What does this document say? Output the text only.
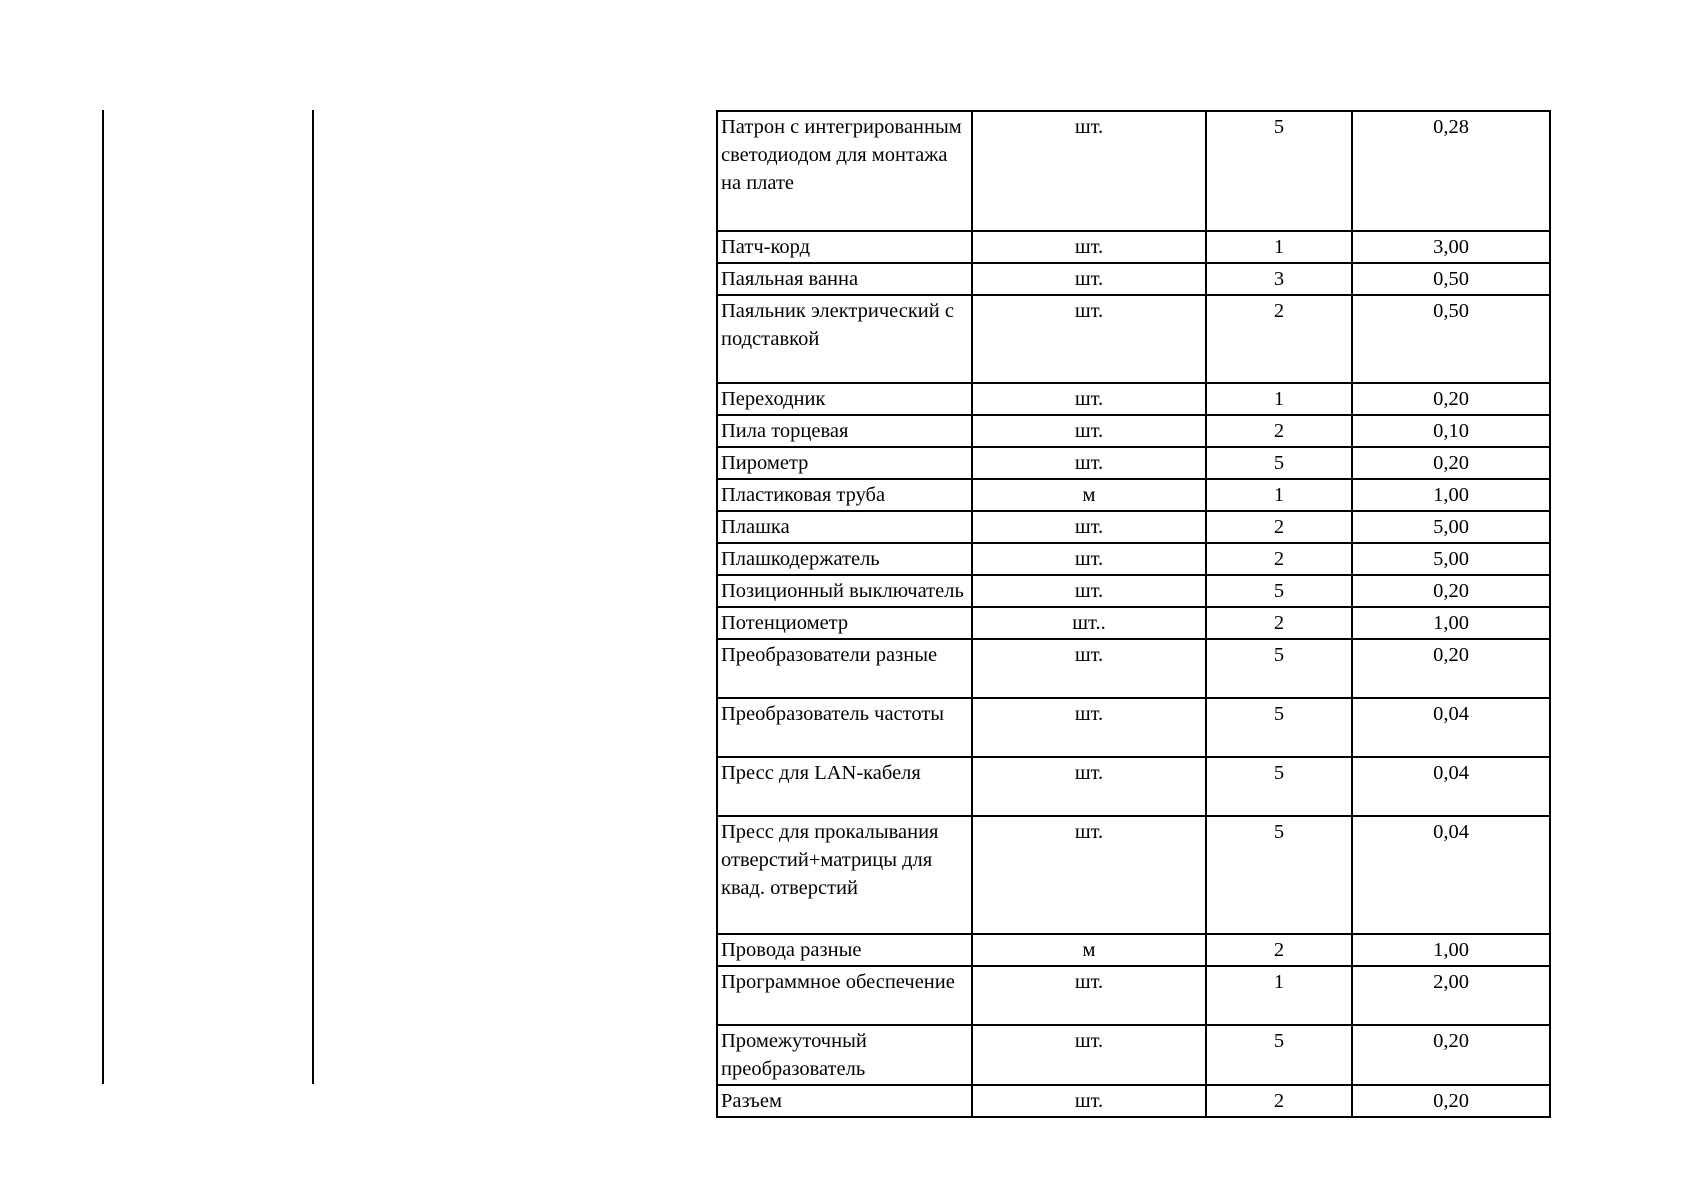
Патрон с интегрированным светодиодом для монтажа на плате	шт.	5	0,28
Патч-корд	шт.	1	3,00
Паяльная ванна	шт.	3	0,50
Паяльник электрический с подставкой	шт.	2	0,50
Переходник	шт.	1	0,20
Пила торцевая	шт.	2	0,10
Пирометр	шт.	5	0,20
Пластиковая труба	м	1	1,00
Плашка	шт.	2	5,00
Плашкодержатель	шт.	2	5,00
Позиционный выключатель	шт.	5	0,20
Потенциометр	шт..	2	1,00
Преобразователи разные	шт.	5	0,20
Преобразователь частоты	шт.	5	0,04
Пресс для LAN-кабеля	шт.	5	0,04
Пресс для прокалывания отверстий+матрицы для квад. отверстий	шт.	5	0,04
Провода разные	м	2	1,00
Программное обеспечение	шт.	1	2,00
Промежуточный преобразователь	шт.	5	0,20
Разъем	шт.	2	0,20
